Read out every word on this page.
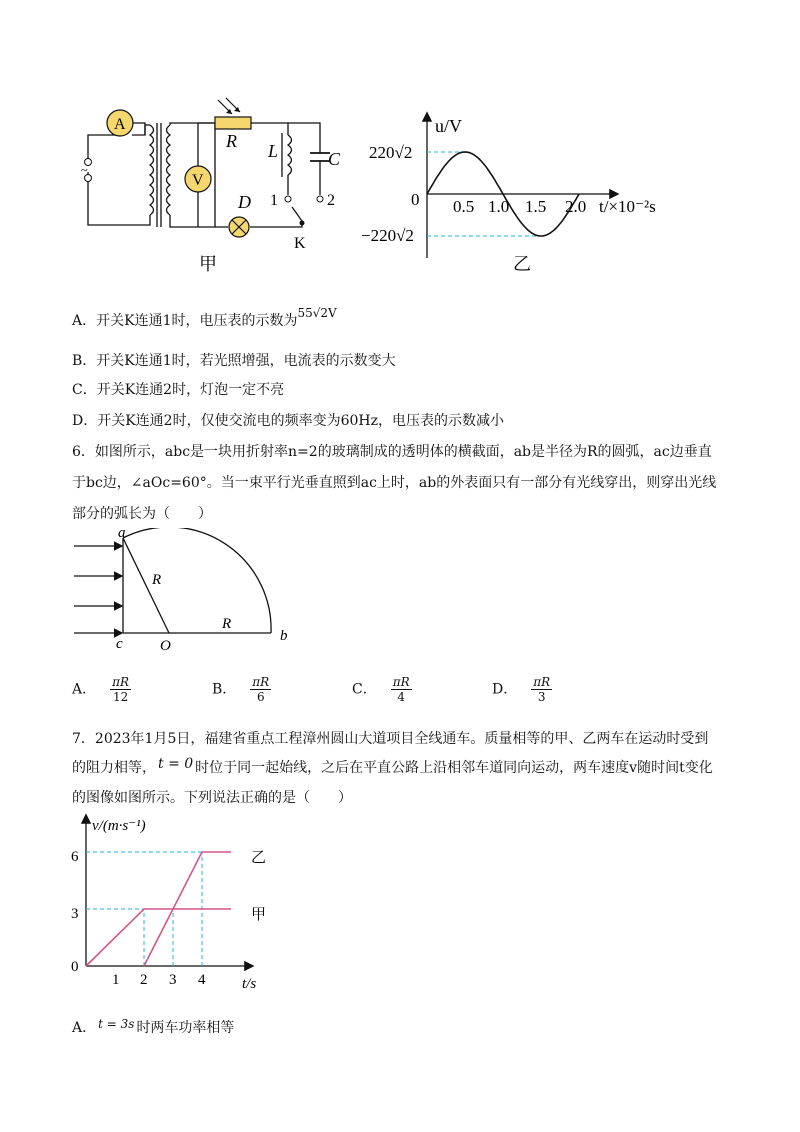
~
A
V
R L	C
1	2
K
D
甲
u/V
220√2
−220√2
0 0.5 1.0 1.5 2.0 t/×10⁻²s
乙
A．开关K连通1时，电压表的示数为55√2V
B．开关K连通1时，若光照增强，电流表的示数变大
C．开关K连通2时，灯泡一定不亮
D．开关K连通2时，仅使交流电的频率变为60Hz，电压表的示数减小
6．如图所示，abc是一块用折射率n=2的玻璃制成的透明体的横截面，ab是半径为R的圆弧，ac边垂直
于bc边，∠aOc=60°。当一束平行光垂直照到ac上时，ab的外表面只有一部分有光线穿出，则穿出光线
部分的弧长为（　　）
a
c O
b
R
R
A． $\frac{\pi R}{12}$	B． $\frac{\pi R}{6}$	C． $\frac{\pi R}{4}$	D． $\frac{\pi R}{3}$
7．2023年1月5日，福建省重点工程漳州圆山大道项目全线通车。质量相等的甲、乙两车在运动时受到
的阻力相等， t = 0 时位于同一起始线，之后在平直公路上沿相邻车道同向运动，两车速度v随时间t变化
的图像如图所示。下列说法正确的是（　　）
v/(m·s⁻¹)
t/s
6
3
0
1 2 3 4
乙
甲
A． t = 3s 时两车功率相等
